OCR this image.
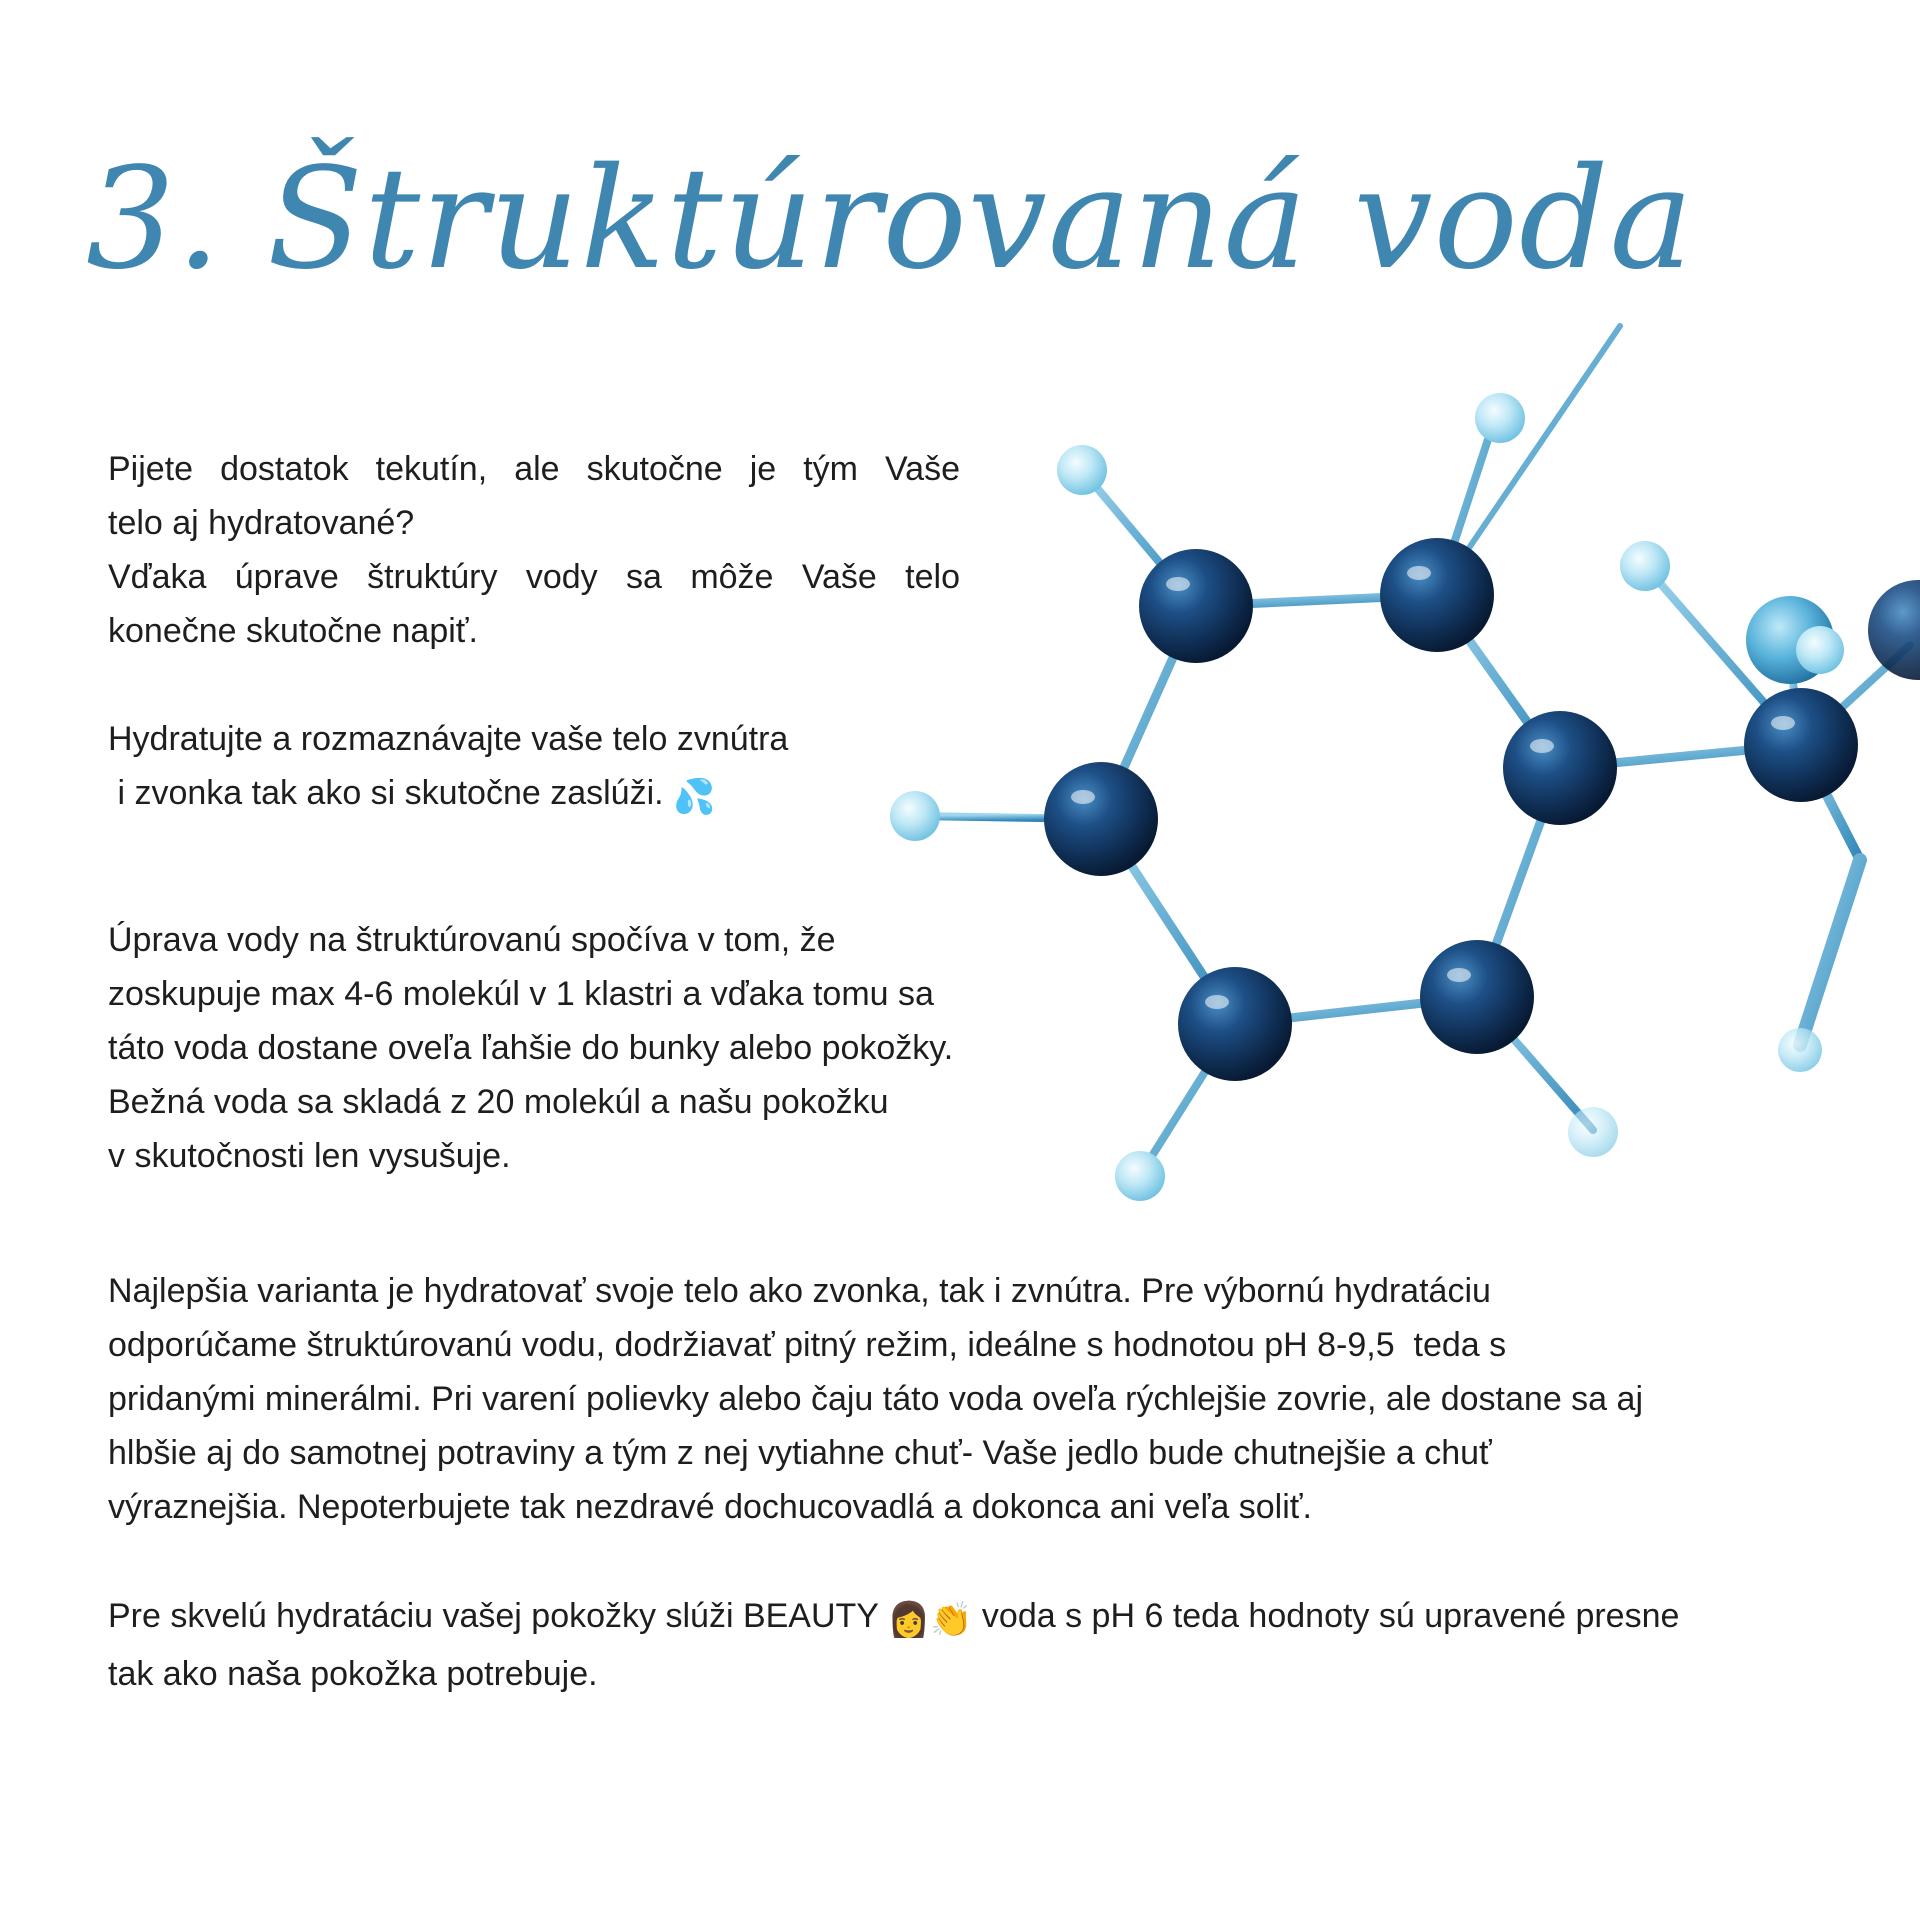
3. Štruktúrovaná voda

Pijete dostatok tekutín, ale skutočne je tým Vaše
telo aj hydratované?
Vďaka úprave štruktúry vody sa môže Vaše telo
konečne skutočne napiť.

Hydratujte a rozmaznávajte vaše telo zvnútra
i zvonka tak ako si skutočne zaslúži. 💦

Úprava vody na štruktúrovanú spočíva v tom, že
zoskupuje max 4-6 molekúl v 1 klastri a vďaka tomu sa
táto voda dostane oveľa ľahšie do bunky alebo pokožky.
Bežná voda sa skladá z 20 molekúl a našu pokožku
v skutočnosti len vysušuje.

Najlepšia varianta je hydratovať svoje telo ako zvonka, tak i zvnútra. Pre výbornú hydratáciu
odporúčame štruktúrovanú vodu, dodržiavať pitný režim, ideálne s hodnotou pH 8-9,5  teda s
pridanými minerálmi. Pri varení polievky alebo čaju táto voda oveľa rýchlejšie zovrie, ale dostane sa aj
hlbšie aj do samotnej potraviny a tým z nej vytiahne chuť- Vaše jedlo bude chutnejšie a chuť
výraznejšia. Nepoterbujete tak nezdravé dochucovadlá a dokonca ani veľa soliť.

Pre skvelú hydratáciu vašej pokožky slúži BEAUTY 👩👏 voda s pH 6 teda hodnoty sú upravené presne
tak ako naša pokožka potrebuje.
